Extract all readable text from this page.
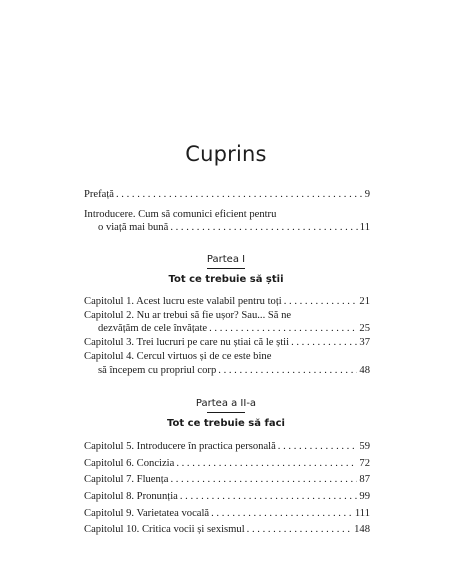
Cuprins
Prefață . . .	9
Introducere. Cum să comunici eficient pentru
o viață mai bună . . .	11
Partea I
Tot ce trebuie să știi
Capitolul 1. Acest lucru este valabil pentru toți . . .	21
Capitolul 2. Nu ar trebui să fie ușor? Sau... Să ne
dezvățăm de cele învățate . . .	25
Capitolul 3. Trei lucruri pe care nu știai că le știi . . .	37
Capitolul 4. Cercul virtuos și de ce este bine
să începem cu propriul corp . . .	48
Partea a II-a
Tot ce trebuie să faci
Capitolul 5. Introducere în practica personală . . .	59
Capitolul 6. Concizia . . .	72
Capitolul 7. Fluența . . .	87
Capitolul 8. Pronunția . . .	99
Capitolul 9. Varietatea vocală . . .	111
Capitolul 10. Critica vocii și sexismul . . .	148
